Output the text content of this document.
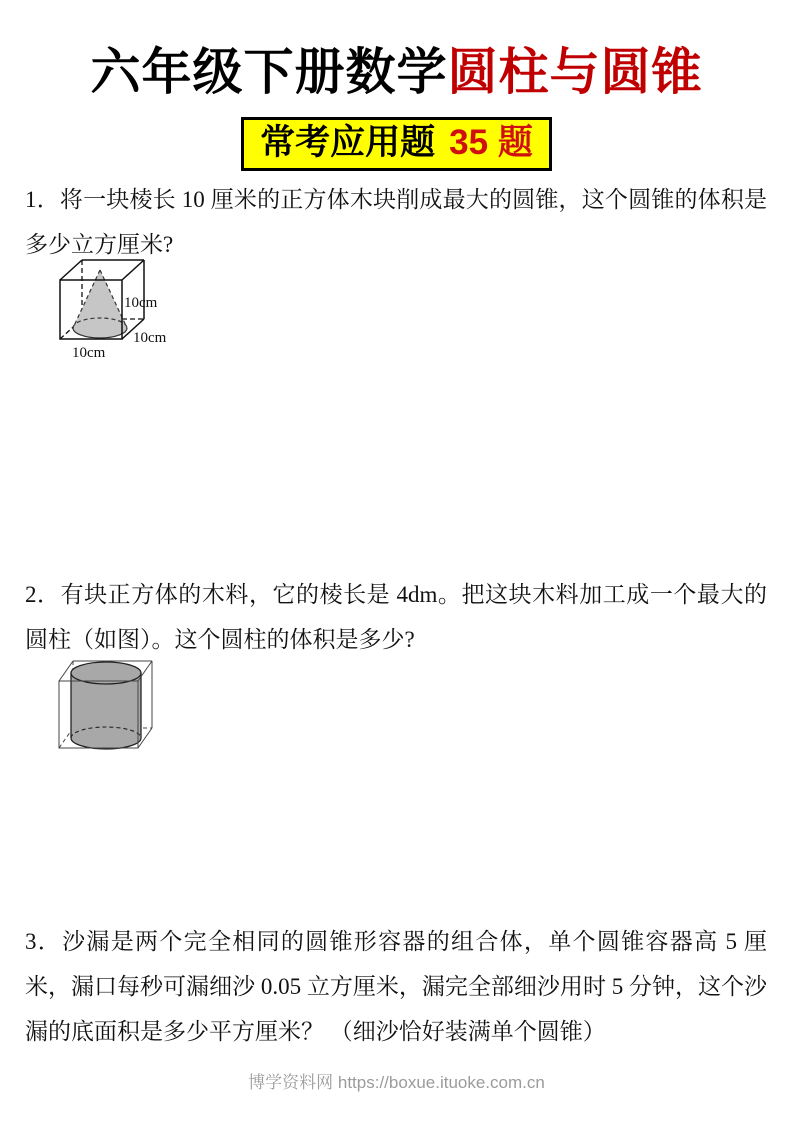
六年级下册数学圆柱与圆锥
常考应用题 35 题

1．将一块棱长 10 厘米的正方体木块削成最大的圆锥，这个圆锥的体积是多少立方厘米?

10cm
10cm
10cm

2．有块正方体的木料，它的棱长是 4dm。把这块木料加工成一个最大的圆柱（如图）。这个圆柱的体积是多少?

3．沙漏是两个完全相同的圆锥形容器的组合体，单个圆锥容器高 5 厘米，漏口每秒可漏细沙 0.05 立方厘米，漏完全部细沙用时 5 分钟，这个沙漏的底面积是多少平方厘米？ （细沙恰好装满单个圆锥）

博学资料网 https://boxue.ituoke.com.cn
